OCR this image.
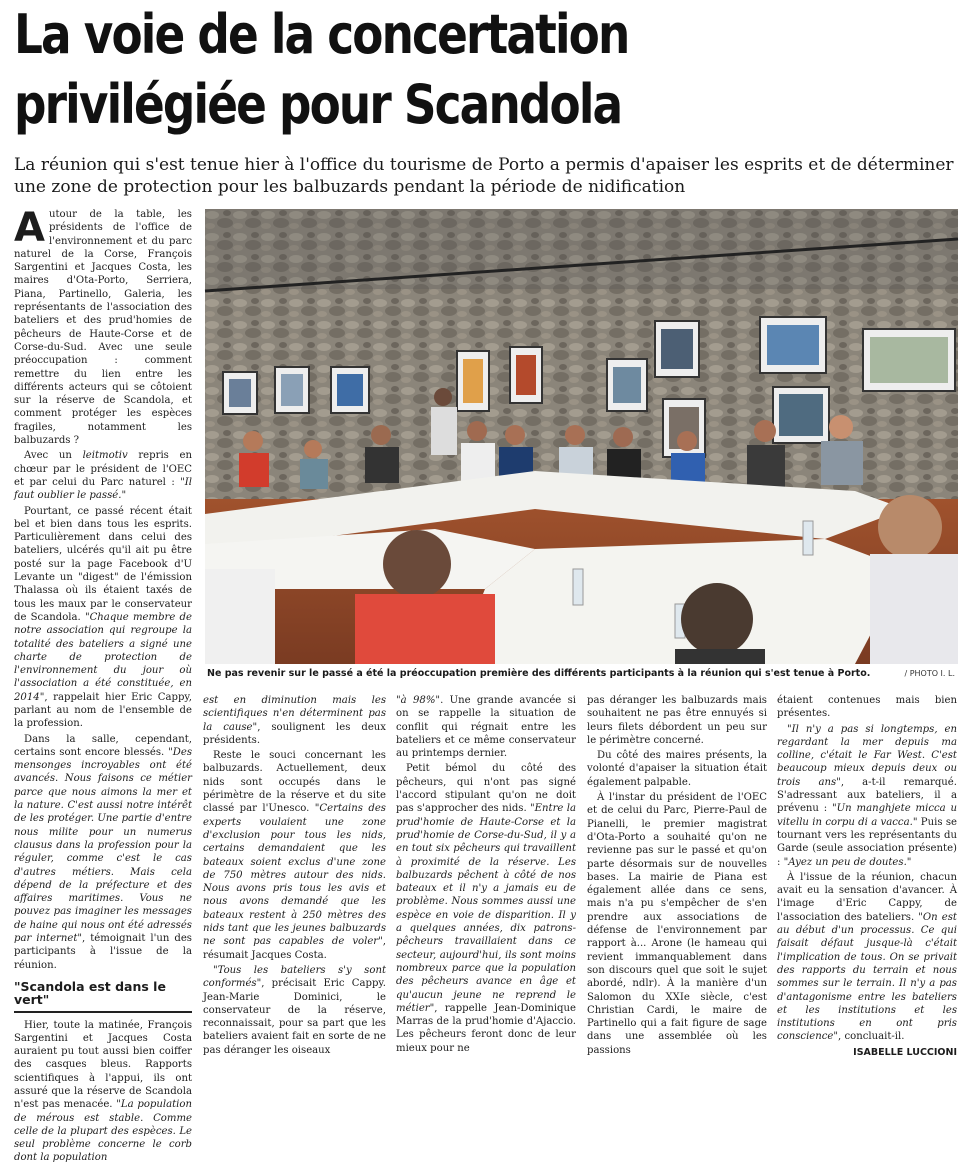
La voie de la concertation
privilégiée pour Scandola
La réunion qui s'est tenue hier à l'office du tourisme de Porto a permis d'apaiser les esprits et de déterminer une zone de protection pour les balbuzards pendant la période de nidification

Autour de la table, les présidents de l'office de l'environnement et du parc naturel de la Corse, François Sargentini et Jacques Costa, les maires d'Ota-Porto, Serriera, Piana, Partinello, Galeria, les représentants de l'association des bateliers et des prud'homies de pêcheurs de Haute-Corse et de Corse-du-Sud. Avec une seule préoccupation : comment remettre du lien entre les différents acteurs qui se côtoient sur la réserve de Scandola, et comment protéger les espèces fragiles, notamment les balbuzards ?

Avec un leitmotiv repris en chœur par le président de l'OEC et par celui du Parc naturel : "Il faut oublier le passé."

Pourtant, ce passé récent était bel et bien dans tous les esprits. Particulièrement dans celui des bateliers, ulcérés qu'il ait pu être posté sur la page Facebook d'U Levante un "digest" de l'émission Thalassa où ils étaient taxés de tous les maux par le conservateur de Scandola. "Chaque membre de notre association qui regroupe la totalité des bateliers a signé une charte de protection de l'environnement du jour où l'association a été constituée, en 2014", rappelait hier Eric Cappy, parlant au nom de l'ensemble de la profession.

Dans la salle, cependant, certains sont encore blessés. "Des mensonges incroyables ont été avancés. Nous faisons ce métier parce que nous aimons la mer et la nature. C'est aussi notre intérêt de les protéger. Une partie d'entre nous milite pour un numerus clausus dans la profession pour la réguler, comme c'est le cas d'autres métiers. Mais cela dépend de la préfecture et des affaires maritimes. Vous ne pouvez pas imaginer les messages de haine qui nous ont été adressés par internet", témoignait l'un des participants à l'issue de la réunion.

"Scandola est dans le vert"

Hier, toute la matinée, François Sargentini et Jacques Costa auraient pu tout aussi bien coiffer des casques bleus. Rapports scientifiques à l'appui, ils ont assuré que la réserve de Scandola n'est pas menacée. "La population de mérous est stable. Comme celle de la plupart des espèces. Le seul problème concerne le corb dont la population

Ne pas revenir sur le passé a été la préoccupation première des différents participants à la réunion qui s'est tenue à Porto.	/ PHOTO I. L.

est en diminution mais les scientifiques n'en déterminent pas la cause", soulignent les deux présidents.

Reste le souci concernant les balbuzards. Actuellement, deux nids sont occupés dans le périmètre de la réserve et du site classé par l'Unesco. "Certains des experts voulaient une zone d'exclusion pour tous les nids, certains demandaient que les bateaux soient exclus d'une zone de 750 mètres autour des nids. Nous avons pris tous les avis et nous avons demandé que les bateaux restent à 250 mètres des nids tant que les jeunes balbuzards ne sont pas capables de voler", résumait Jacques Costa.

"Tous les bateliers s'y sont conformés", précisait Eric Cappy. Jean-Marie Dominici, le conservateur de la réserve, reconnaissait, pour sa part que les bateliers avaient fait en sorte de ne pas déranger les oiseaux

"à 98%". Une grande avancée si on se rappelle la situation de conflit qui régnait entre les bateliers et ce même conservateur au printemps dernier.

Petit bémol du côté des pêcheurs, qui n'ont pas signé l'accord stipulant qu'on ne doit pas s'approcher des nids. "Entre la prud'homie de Haute-Corse et la prud'homie de Corse-du-Sud, il y a en tout six pêcheurs qui travaillent à proximité de la réserve. Les balbuzards pêchent à côté de nos bateaux et il n'y a jamais eu de problème. Nous sommes aussi une espèce en voie de disparition. Il y a quelques années, dix patrons-pêcheurs travaillaient dans ce secteur, aujourd'hui, ils sont moins nombreux parce que la population des pêcheurs avance en âge et qu'aucun jeune ne reprend le métier", rappelle Jean-Dominique Marras de la prud'homie d'Ajaccio. Les pêcheurs feront donc de leur mieux pour ne

pas déranger les balbuzards mais souhaitent ne pas être ennuyés si leurs filets débordent un peu sur le périmètre concerné.

Du côté des maires présents, la volonté d'apaiser la situation était également palpable.

À l'instar du président de l'OEC et de celui du Parc, Pierre-Paul de Pianelli, le premier magistrat d'Ota-Porto a souhaité qu'on ne revienne pas sur le passé et qu'on parte désormais sur de nouvelles bases. La mairie de Piana est également allée dans ce sens, mais n'a pu s'empêcher de s'en prendre aux associations de défense de l'environnement par rapport à... Arone (le hameau qui revient immanquablement dans son discours quel que soit le sujet abordé, ndlr). À la manière d'un Salomon du XXIe siècle, c'est Christian Cardi, le maire de Partinello qui a fait figure de sage dans une assemblée où les passions

étaient contenues mais bien présentes.

"Il n'y a pas si longtemps, en regardant la mer depuis ma colline, c'était le Far West. C'est beaucoup mieux depuis deux ou trois ans", a-t-il remarqué. S'adressant aux bateliers, il a prévenu : "Un manghjete micca u vitellu in corpu di a vacca." Puis se tournant vers les représentants du Garde (seule association présente) : "Ayez un peu de doutes."

À l'issue de la réunion, chacun avait eu la sensation d'avancer. À l'image d'Eric Cappy, de l'association des bateliers. "On est au début d'un processus. Ce qui faisait défaut jusque-là c'était l'implication de tous. On se privait des rapports du terrain et nous sommes sur le terrain. Il n'y a pas d'antagonisme entre les bateliers et les institutions et les institutions en ont pris conscience", concluait-il.

ISABELLE LUCCIONI
